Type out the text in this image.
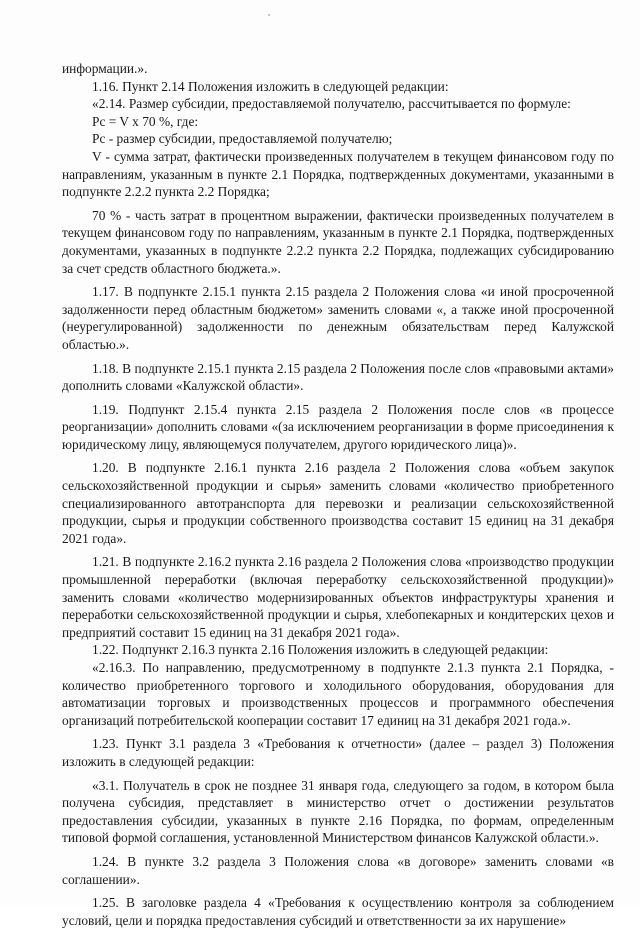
информации.».

1.16. Пункт 2.14 Положения изложить в следующей редакции:

«2.14. Размер субсидии, предоставляемой получателю, рассчитывается по формуле:

Pc = V x 70 %, где:

Pc - размер субсидии, предоставляемой получателю;

V - сумма затрат, фактически произведенных получателем в текущем финансовом году по направлениям, указанным в пункте 2.1 Порядка, подтвержденных документами, указанными в подпункте 2.2.2 пункта 2.2 Порядка;

70 % - часть затрат в процентном выражении, фактически произведенных получателем в текущем финансовом году по направлениям, указанным в пункте 2.1 Порядка, подтвержденных документами, указанных в подпункте 2.2.2 пункта 2.2 Порядка, подлежащих субсидированию за счет средств областного бюджета.».

1.17. В подпункте 2.15.1 пункта 2.15 раздела 2 Положения слова «и иной просроченной задолженности перед областным бюджетом» заменить словами «, а также иной просроченной (неурегулированной) задолженности по денежным обязательствам перед Калужской областью.».

1.18. В подпункте 2.15.1 пункта 2.15 раздела 2 Положения после слов «правовыми актами» дополнить словами «Калужской области».

1.19. Подпункт 2.15.4 пункта 2.15 раздела 2 Положения после слов «в процессе реорганизации» дополнить словами «(за исключением реорганизации в форме присоединения к юридическому лицу, являющемуся получателем, другого юридического лица)».

1.20. В подпункте 2.16.1 пункта 2.16 раздела 2 Положения слова «объем закупок сельскохозяйственной продукции и сырья» заменить словами «количество приобретенного специализированного автотранспорта для перевозки и реализации сельскохозяйственной продукции, сырья и продукции собственного производства составит 15 единиц на 31 декабря 2021 года».

1.21. В подпункте 2.16.2 пункта 2.16 раздела 2 Положения слова «производство продукции промышленной переработки (включая переработку сельскохозяйственной продукции)» заменить словами «количество модернизированных объектов инфраструктуры хранения и переработки сельскохозяйственной продукции и сырья, хлебопекарных и кондитерских цехов и предприятий составит 15 единиц на 31 декабря 2021 года».

1.22. Подпункт 2.16.3 пункта 2.16 Положения изложить в следующей редакции:

«2.16.3. По направлению, предусмотренному в подпункте 2.1.3 пункта 2.1 Порядка, - количество приобретенного торгового и холодильного оборудования, оборудования для автоматизации торговых и производственных процессов и программного обеспечения организаций потребительской кооперации составит 17 единиц на 31 декабря 2021 года.».

1.23. Пункт 3.1 раздела 3 «Требования к отчетности» (далее – раздел 3) Положения изложить в следующей редакции:

«3.1. Получатель в срок не позднее 31 января года, следующего за годом, в котором была получена субсидия, представляет в министерство отчет о достижении результатов предоставления субсидии, указанных в пункте 2.16 Порядка, по формам, определенным типовой формой соглашения, установленной Министерством финансов Калужской области.».

1.24. В пункте 3.2 раздела 3 Положения слова «в договоре» заменить словами «в соглашении».

1.25. В заголовке раздела 4 «Требования к осуществлению контроля за соблюдением условий, цели и порядка предоставления субсидий и ответственности за их нарушение»
